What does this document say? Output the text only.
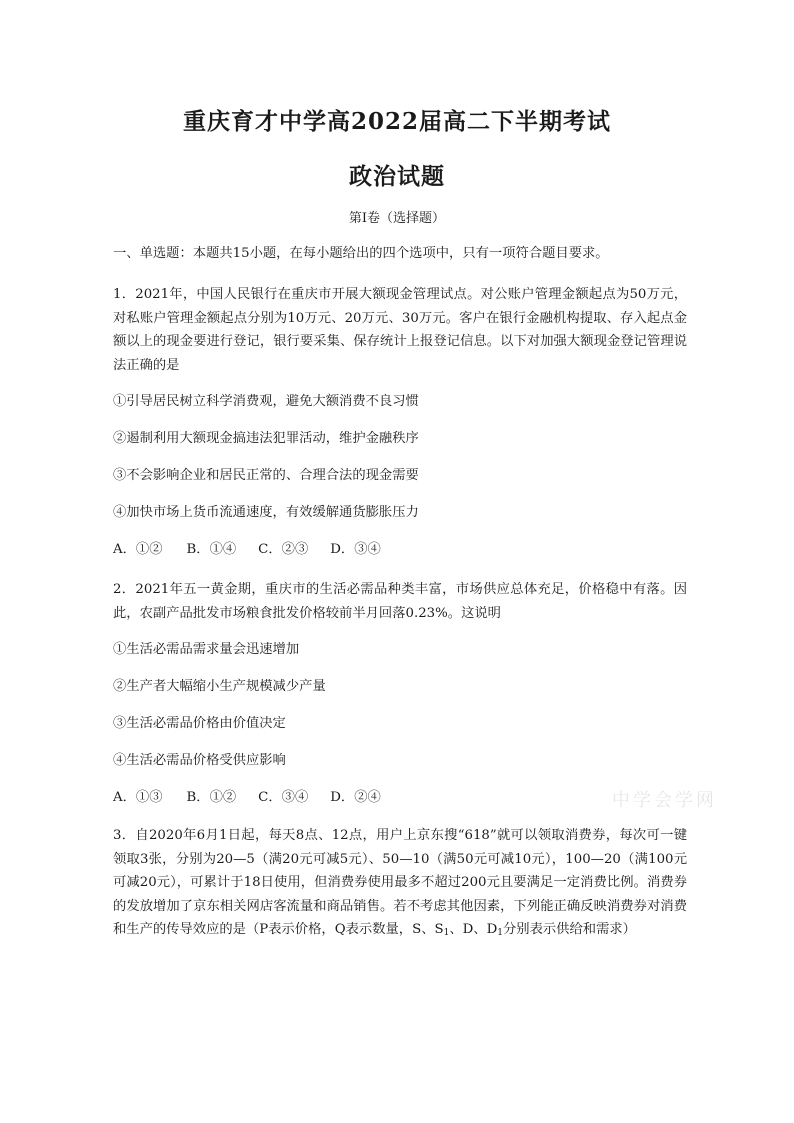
重庆育才中学高2022届高二下半期考试
政治试题
第Ⅰ卷（选择题）
一、单选题：本题共15小题，在每小题给出的四个选项中，只有一项符合题目要求。
1．2021年，中国人民银行在重庆市开展大额现金管理试点。对公账户管理金额起点为50万元，对私账户管理金额起点分别为10万元、20万元、30万元。客户在银行金融机构提取、存入起点金额以上的现金要进行登记，银行要采集、保存统计上报登记信息。以下对加强大额现金登记管理说法正确的是
①引导居民树立科学消费观，避免大额消费不良习惯
②遏制利用大额现金搞违法犯罪活动，维护金融秩序
③不会影响企业和居民正常的、合理合法的现金需要
④加快市场上货币流通速度，有效缓解通货膨胀压力
A．①② B．①④ C．②③ D．③④
2．2021年五一黄金期，重庆市的生活必需品种类丰富，市场供应总体充足，价格稳中有落。因此，农副产品批发市场粮食批发价格较前半月回落0.23%。这说明
①生活必需品需求量会迅速增加
②生产者大幅缩小生产规模减少产量
③生活必需品价格由价值决定
④生活必需品价格受供应影响
A．①③ B．①② C．③④ D．②④
3．自2020年6月1日起，每天8点、12点，用户上京东搜“618”就可以领取消费券，每次可一键领取3张，分别为20—5（满20元可减5元）、50—10（满50元可减10元），100—20（满100元可减20元），可累计于18日使用，但消费券使用最多不超过200元且要满足一定消费比例。消费券的发放增加了京东相关网店客流量和商品销售。若不考虑其他因素，下列能正确反映消费券对消费和生产的传导效应的是（P表示价格，Q表示数量，S、$S_1$、D、$D_1$分别表示供给和需求）
中学会学网
